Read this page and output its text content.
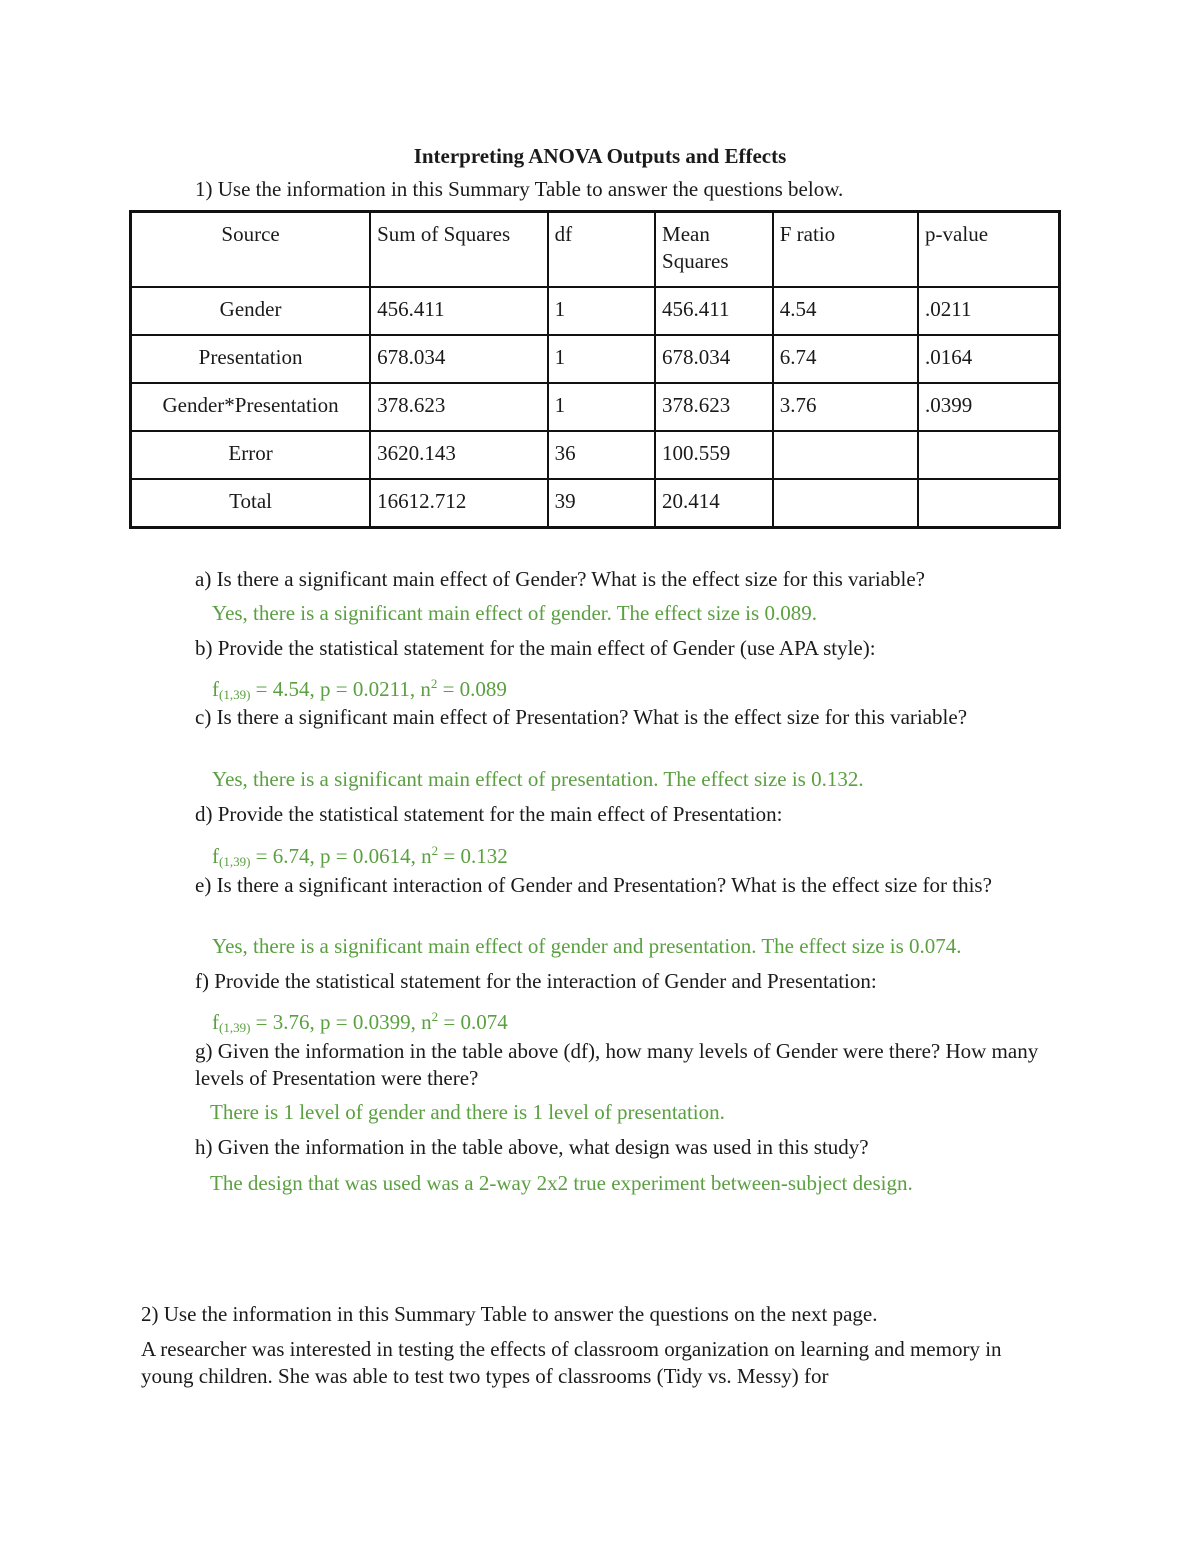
Interpreting ANOVA Outputs and Effects
1) Use the information in this Summary Table to answer the questions below.
Source	Sum of Squares	df	Mean Squares	F ratio	p-value
Gender	456.411	1	456.411	4.54	.0211
Presentation	678.034	1	678.034	6.74	.0164
Gender*Presentation	378.623	1	378.623	3.76	.0399
Error	3620.143	36	100.559		
Total	16612.712	39	20.414		
a) Is there a significant main effect of Gender? What is the effect size for this variable?
Yes, there is a significant main effect of gender. The effect size is 0.089.
b) Provide the statistical statement for the main effect of Gender (use APA style):
$f_{(1,39)} = 4.54$, p = 0.0211, $n^2 = 0.089$
c) Is there a significant main effect of Presentation? What is the effect size for this variable?
Yes, there is a significant main effect of presentation. The effect size is 0.132.
d) Provide the statistical statement for the main effect of Presentation:
$f_{(1,39)} = 6.74$, p = 0.0614, $n^2 = 0.132$
e) Is there a significant interaction of Gender and Presentation? What is the effect size for this?
Yes, there is a significant main effect of gender and presentation. The effect size is 0.074.
f) Provide the statistical statement for the interaction of Gender and Presentation:
$f_{(1,39)} = 3.76$, p = 0.0399, $n^2 = 0.074$
g) Given the information in the table above (df), how many levels of Gender were there? How many levels of Presentation were there?
There is 1 level of gender and there is 1 level of presentation.
h) Given the information in the table above, what design was used in this study?
The design that was used was a 2-way 2x2 true experiment between-subject design.
2) Use the information in this Summary Table to answer the questions on the next page.
A researcher was interested in testing the effects of classroom organization on learning and memory in young children. She was able to test two types of classrooms (Tidy vs. Messy) for
